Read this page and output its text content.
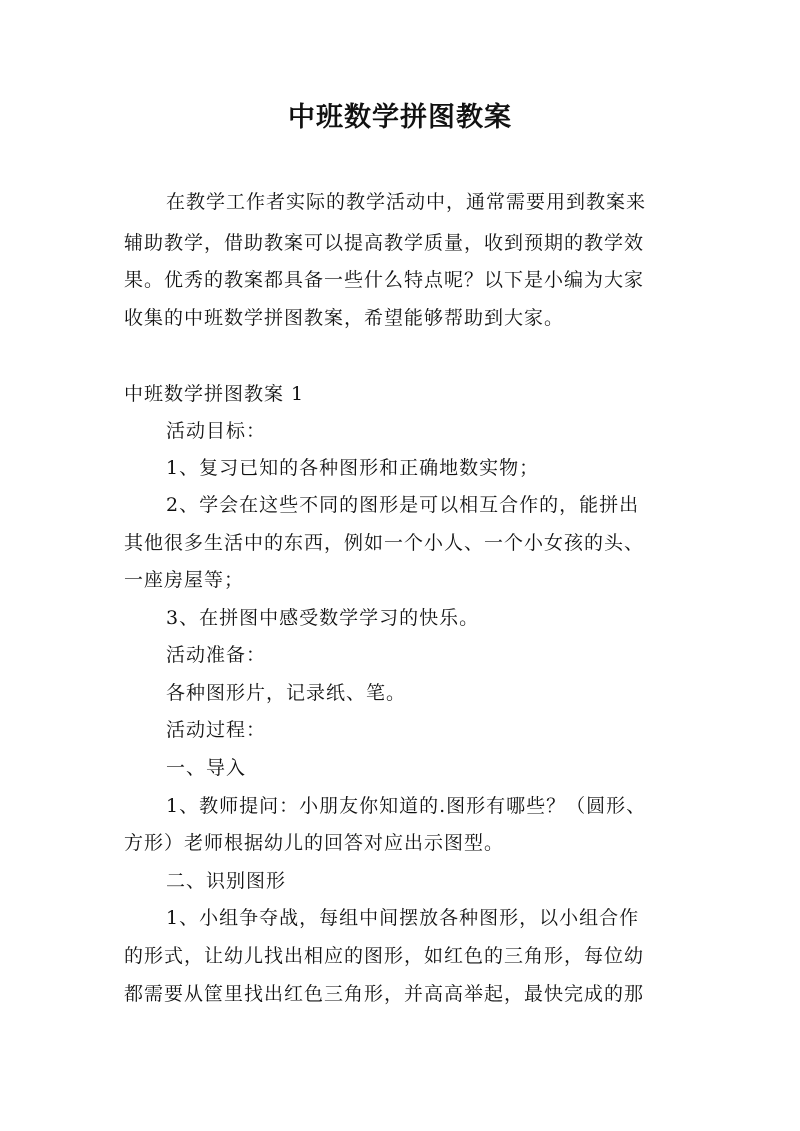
中班数学拼图教案
在教学工作者实际的教学活动中，通常需要用到教案来
辅助教学，借助教案可以提高教学质量，收到预期的教学效
果。优秀的教案都具备一些什么特点呢？以下是小编为大家
收集的中班数学拼图教案，希望能够帮助到大家。
中班数学拼图教案 1
活动目标：
1、复习已知的各种图形和正确地数实物；
2、学会在这些不同的图形是可以相互合作的，能拼出
其他很多生活中的东西，例如一个小人、一个小女孩的头、
一座房屋等；
3、在拼图中感受数学学习的快乐。
活动准备：
各种图形片，记录纸、笔。
活动过程：
一、导入
1、教师提问：小朋友你知道的.图形有哪些？（圆形、
方形）老师根据幼儿的回答对应出示图型。
二、识别图形
1、小组争夺战，每组中间摆放各种图形，以小组合作
的形式，让幼儿找出相应的图形，如红色的三角形，每位幼
都需要从筐里找出红色三角形，并高高举起，最快完成的那
